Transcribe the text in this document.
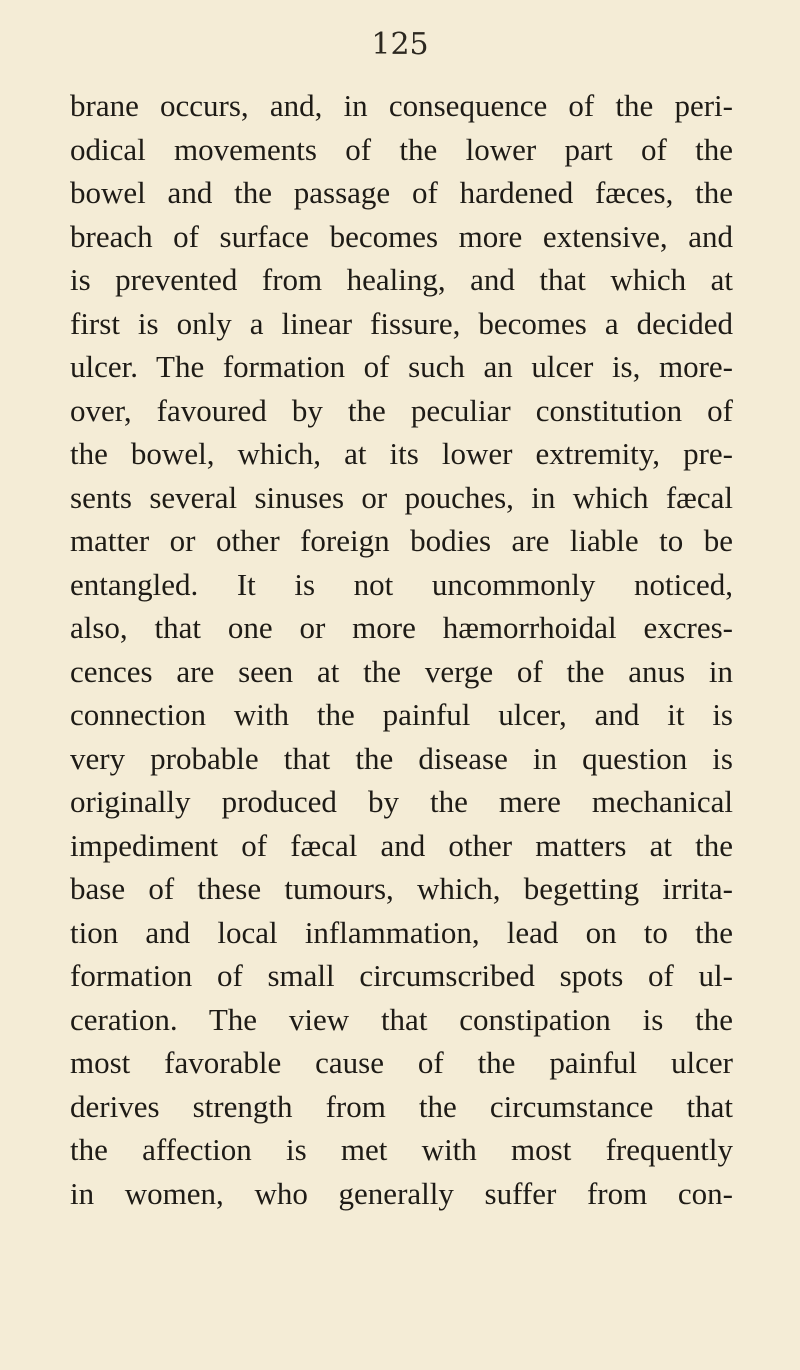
125
brane occurs, and, in consequence of the peri-
odical movements of the lower part of the
bowel and the passage of hardened fæces, the
breach of surface becomes more extensive, and
is prevented from healing, and that which at
first is only a linear fissure, becomes a decided
ulcer. The formation of such an ulcer is, more-
over, favoured by the peculiar constitution of
the bowel, which, at its lower extremity, pre-
sents several sinuses or pouches, in which fæcal
matter or other foreign bodies are liable to be
entangled. It is not uncommonly noticed,
also, that one or more hæmorrhoidal excres-
cences are seen at the verge of the anus in
connection with the painful ulcer, and it is
very probable that the disease in question is
originally produced by the mere mechanical
impediment of fæcal and other matters at the
base of these tumours, which, begetting irrita-
tion and local inflammation, lead on to the
formation of small circumscribed spots of ul-
ceration. The view that constipation is the
most favorable cause of the painful ulcer
derives strength from the circumstance that
the affection is met with most frequently
in women, who generally suffer from con-
